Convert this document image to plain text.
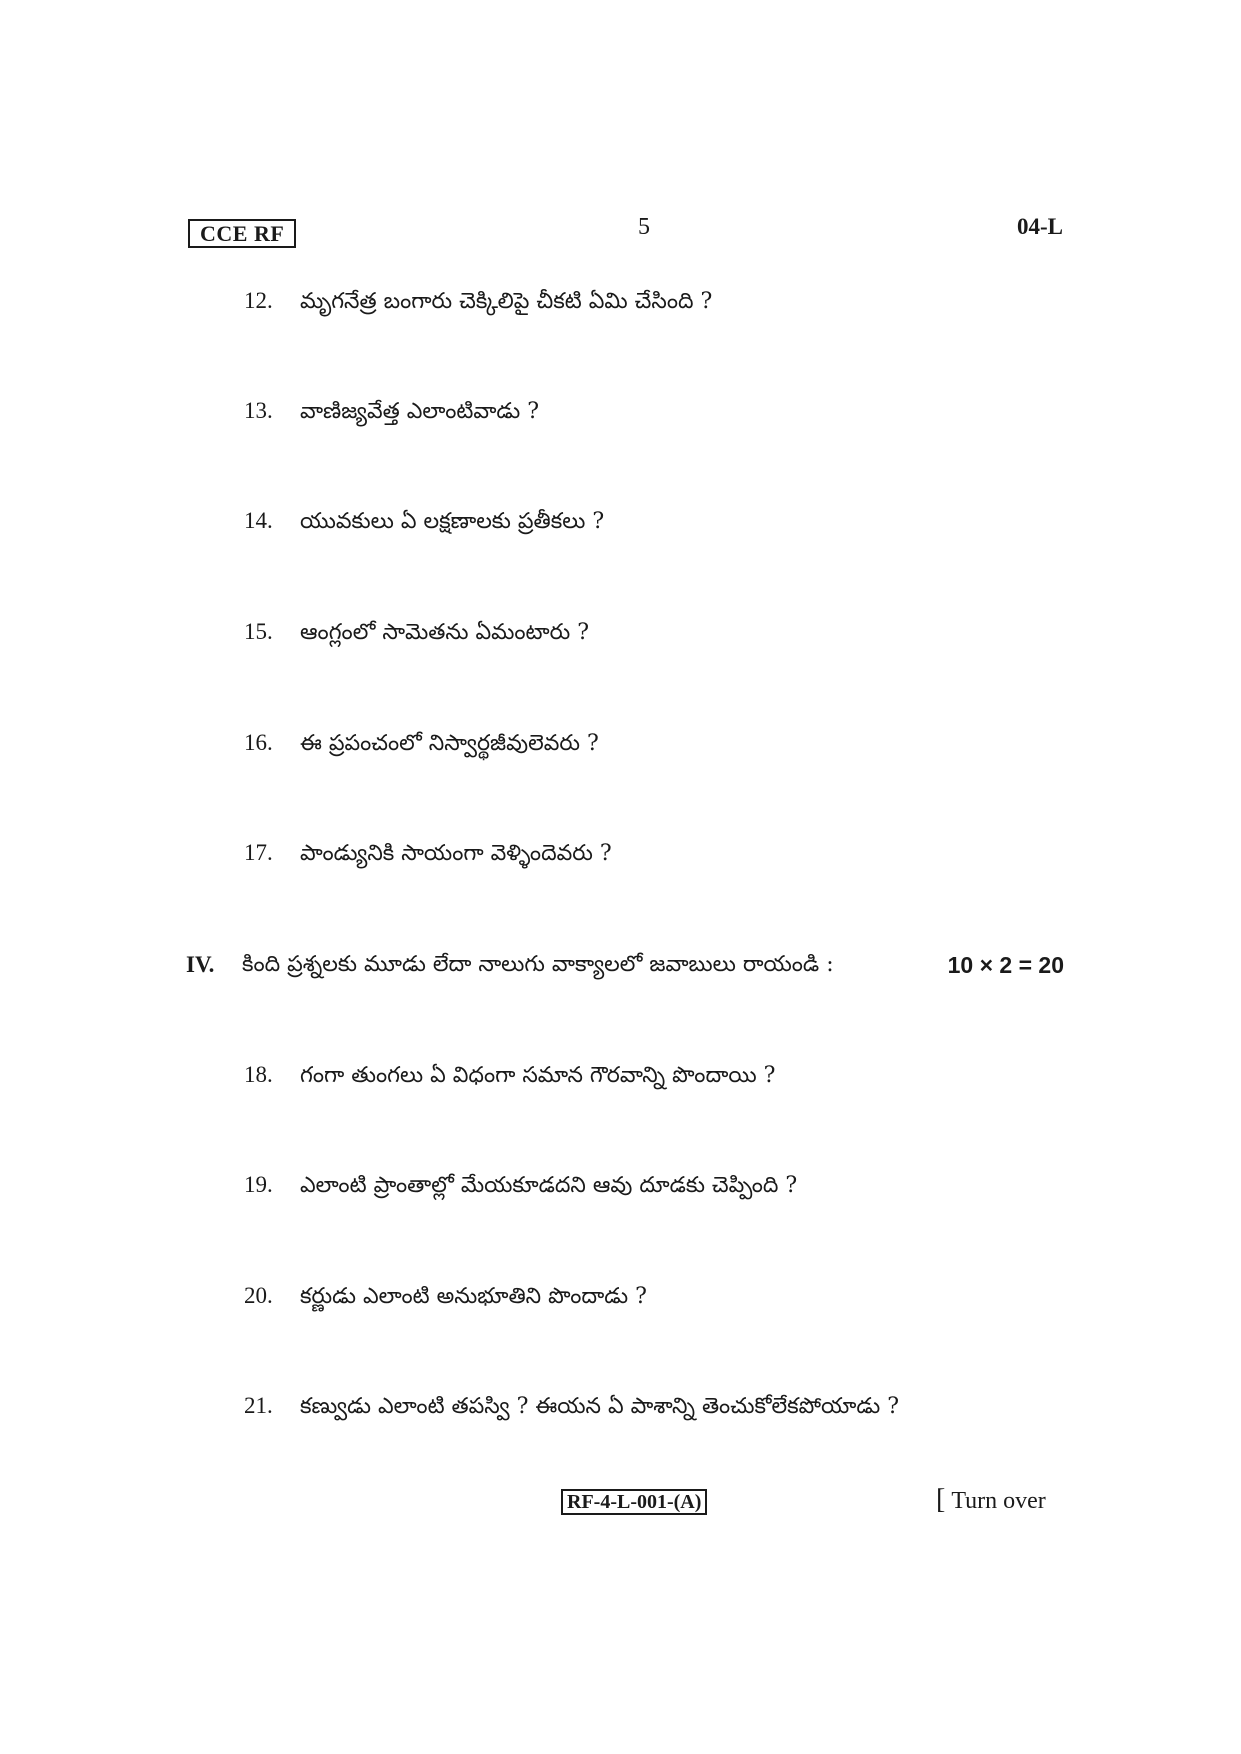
CCE RF	5	04-L
12. మృగనేత్ర బంగారు చెక్కిలిపై చీకటి ఏమి చేసింది ?
13. వాణిజ్యవేత్త ఎలాంటివాడు ?
14. యువకులు ఏ లక్షణాలకు ప్రతీకలు ?
15. ఆంగ్లంలో సామెతను ఏమంటారు ?
16. ఈ ప్రపంచంలో నిస్వార్థజీవులెవరు ?
17. పాండ్యునికి సాయంగా వెళ్ళిందెవరు ?
IV. కింది ప్రశ్నలకు మూడు లేదా నాలుగు వాక్యాలలో జవాబులు రాయండి :	10 × 2 = 20
18. గంగా తుంగలు ఏ విధంగా సమాన గౌరవాన్ని పొందాయి ?
19. ఎలాంటి ప్రాంతాల్లో మేయకూడదని ఆవు దూడకు చెప్పింది ?
20. కర్ణుడు ఎలాంటి అనుభూతిని పొందాడు ?
21. కణ్వుడు ఎలాంటి తపస్వి ? ఈయన ఏ పాశాన్ని తెంచుకోలేకపోయాడు ?
RF-4-L-001-(A)	[ Turn over
